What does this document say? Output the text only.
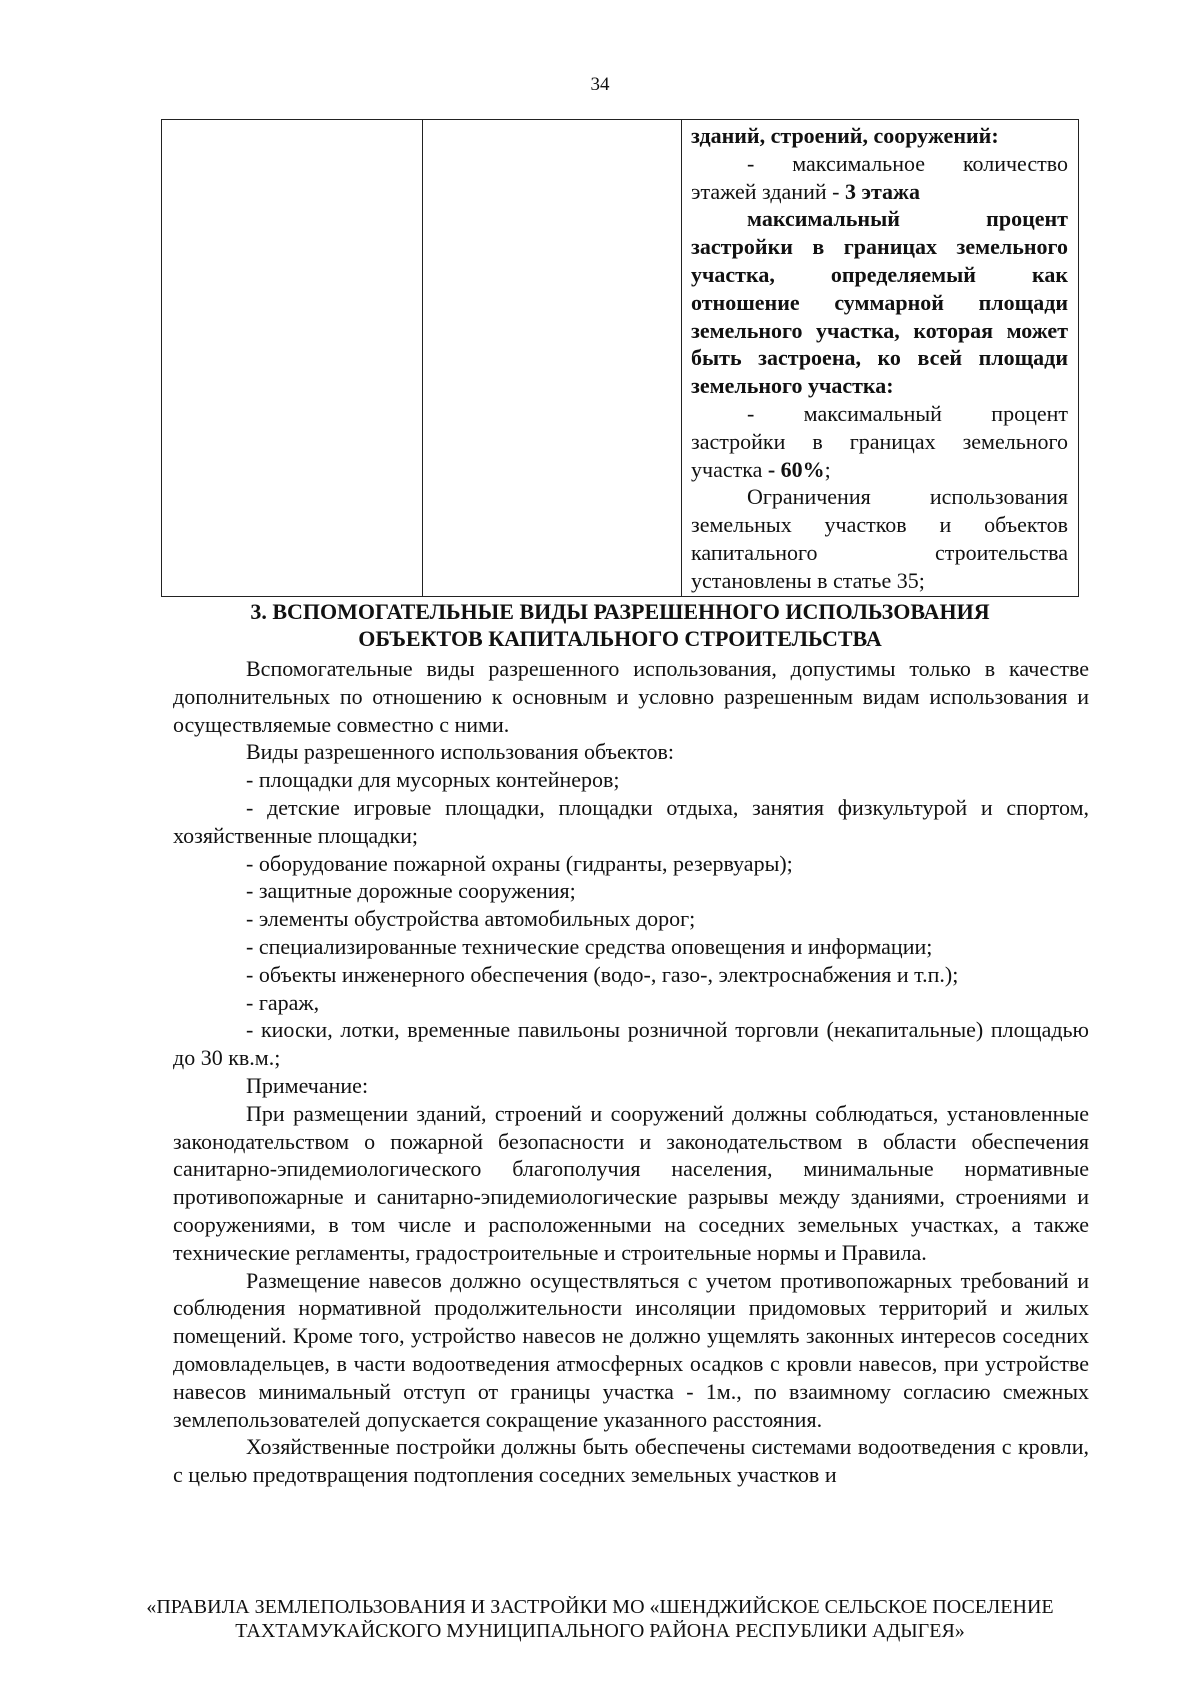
34

зданий, строений, сооружений:

- максимальное количество этажей зданий - 3 этажа

максимальный процент застройки в границах земельного участка, определяемый как отношение суммарной площади земельного участка, которая может быть застроена, ко всей площади земельного участка:

- максимальный процент застройки в границах земельного участка - 60%;

Ограничения использования земельных участков и объектов капитального строительства установлены в статье 35;

3. ВСПОМОГАТЕЛЬНЫЕ ВИДЫ РАЗРЕШЕННОГО ИСПОЛЬЗОВАНИЯ
ОБЪЕКТОВ КАПИТАЛЬНОГО СТРОИТЕЛЬСТВА

Вспомогательные виды разрешенного использования, допустимы только в качестве дополнительных по отношению к основным и условно разрешенным видам использования и осуществляемые совместно с ними.

Виды разрешенного использования объектов:

- площадки для мусорных контейнеров;

- детские игровые площадки, площадки отдыха, занятия физкультурой и спортом, хозяйственные площадки;

- оборудование пожарной охраны (гидранты, резервуары);

- защитные дорожные сооружения;

- элементы обустройства автомобильных дорог;

- специализированные технические средства оповещения и информации;

- объекты инженерного обеспечения (водо-, газо-, электроснабжения и т.п.);

- гараж,

- киоски, лотки, временные павильоны розничной торговли (некапитальные) площадью до 30 кв.м.;

Примечание:

При размещении зданий, строений и сооружений должны соблюдаться, установленные законодательством о пожарной безопасности и законодательством в области обеспечения санитарно-эпидемиологического благополучия населения, минимальные нормативные противопожарные и санитарно-эпидемиологические разрывы между зданиями, строениями и сооружениями, в том числе и расположенными на соседних земельных участках, а также технические регламенты, градостроительные и строительные нормы и Правила.

Размещение навесов должно осуществляться с учетом противопожарных требований и соблюдения нормативной продолжительности инсоляции придомовых территорий и жилых помещений. Кроме того, устройство навесов не должно ущемлять законных интересов соседних домовладельцев, в части водоотведения атмосферных осадков с кровли навесов, при устройстве навесов минимальный отступ от границы участка - 1м., по взаимному согласию смежных землепользователей допускается сокращение указанного расстояния.

Хозяйственные постройки должны быть обеспечены системами водоотведения с кровли, с целью предотвращения подтопления соседних земельных участков и

«ПРАВИЛА ЗЕМЛЕПОЛЬЗОВАНИЯ И ЗАСТРОЙКИ МО «ШЕНДЖИЙСКОЕ СЕЛЬСКОЕ ПОСЕЛЕНИЕ
ТАХТАМУКАЙСКОГО МУНИЦИПАЛЬНОГО РАЙОНА РЕСПУБЛИКИ АДЫГЕЯ»
